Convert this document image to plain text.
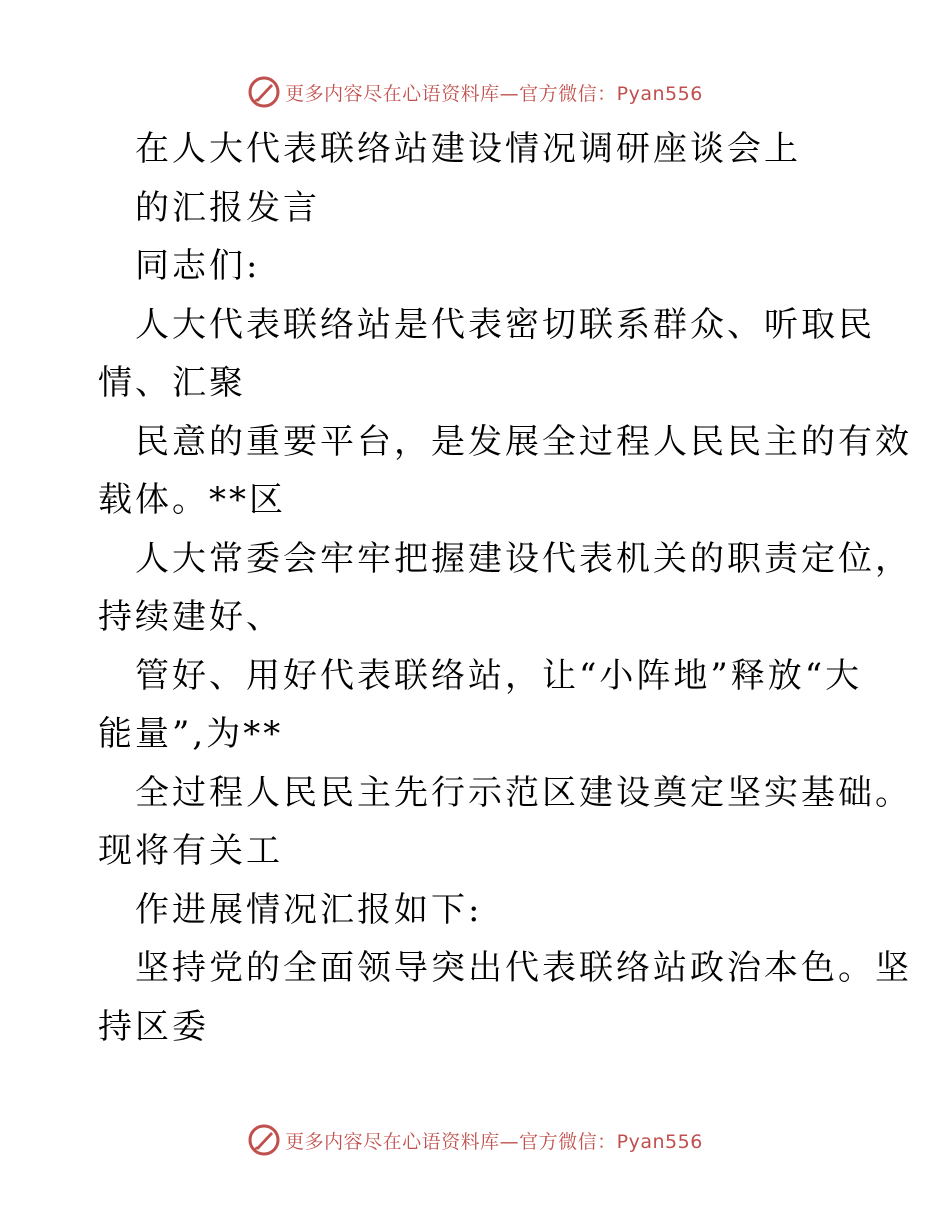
更多内容尽在心语资料库—官方微信：Pyan556
在人大代表联络站建设情况调研座谈会上
的汇报发言
同志们:
人大代表联络站是代表密切联系群众、听取民
情、汇聚
民意的重要平台，是发展全过程人民民主的有效
载体。**区
人大常委会牢牢把握建设代表机关的职责定位，
持续建好、
管好、用好代表联络站，让“小阵地”释放“大
能量”,为**
全过程人民民主先行示范区建设奠定坚实基础。
现将有关工
作进展情况汇报如下:
坚持党的全面领导突出代表联络站政治本色。坚
持区委
更多内容尽在心语资料库—官方微信：Pyan556
